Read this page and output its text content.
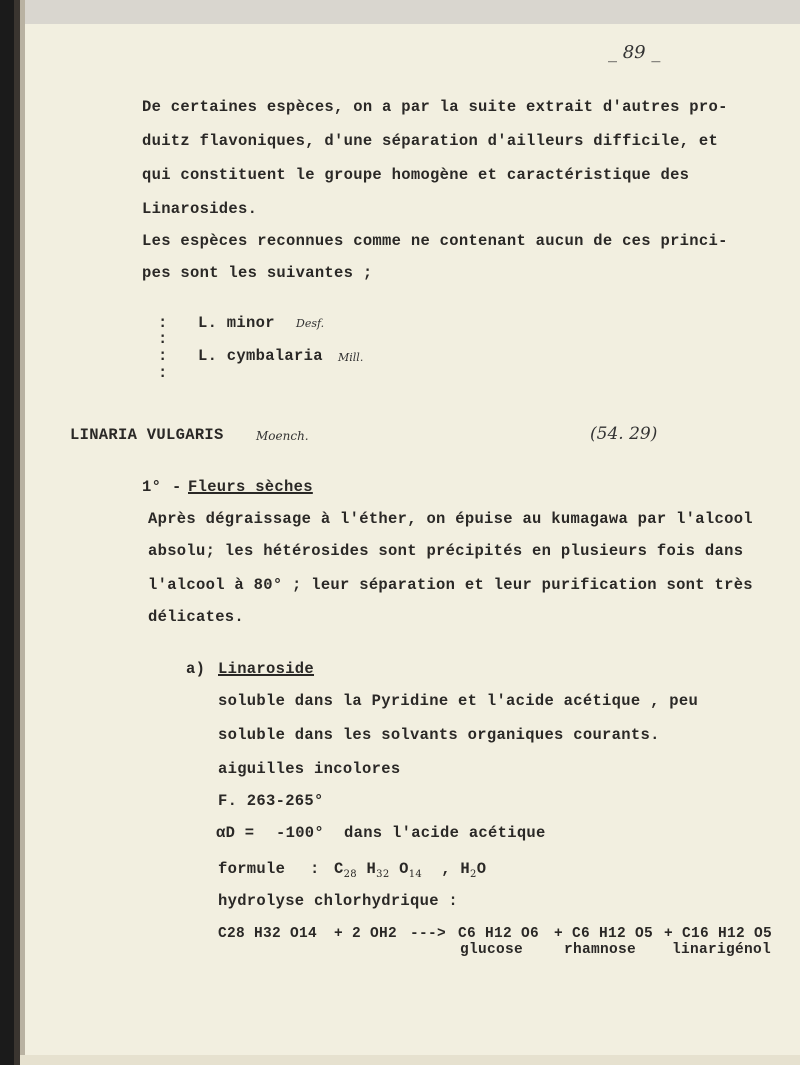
_ 89 _
De certaines espèces, on a par la suite extrait d'autres pro-
duitz flavoniques, d'une séparation d'ailleurs difficile, et
qui constituent le groupe homogène et caractéristique des
Linarosides.
Les espèces reconnues comme ne contenant aucun de ces princi-
pes sont les suivantes ;
: L. minor Desf.
:
: L. cymbalaria Mill.
:
LINARIA VULGARIS	Moench.	(54. 29)
1° - Fleurs sèches
Après dégraissage à l'éther, on épuise au kumagawa par l'alcool
absolu; les hétérosides sont précipités en plusieurs fois dans
l'alcool à 80° ; leur séparation et leur purification sont très
délicates.
a) Linaroside
soluble dans la Pyridine et l'acide acétique , peu
soluble dans les solvants organiques courants.
aiguilles incolores
F. 263-265°
αD = -100° dans l'acide acétique
formule : $C_{28}$ $H_{32}$ $O_{14}$ , $H_2O$
hydrolyse chlorhydrique :
C28 H32 O14 + 2 OH2 ---> C6 H12 O6 + C6 H12 O5 + C16 H12 O5
glucose	rhamnose linarigénol
